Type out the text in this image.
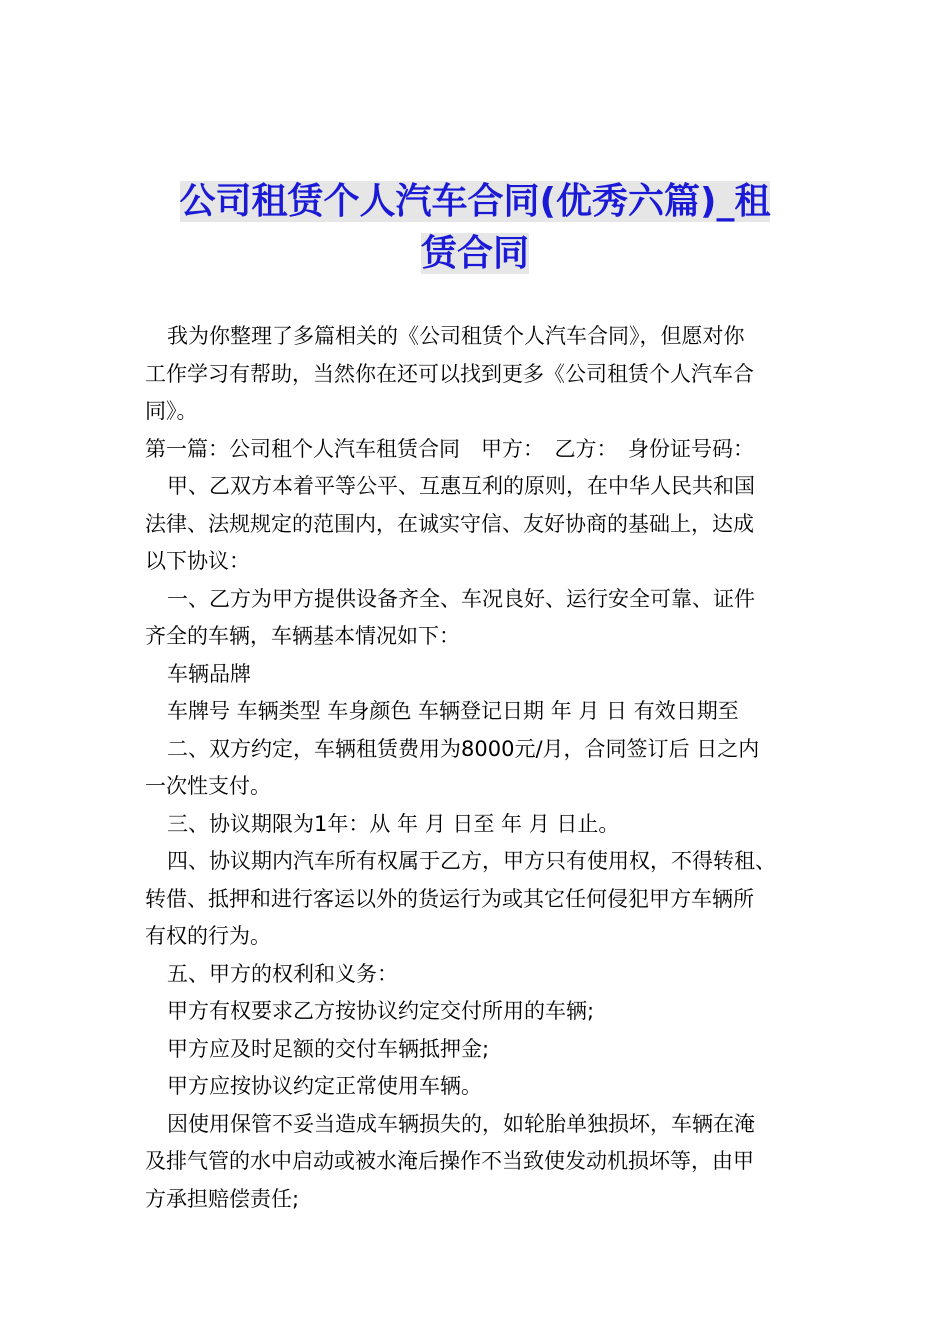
公司租赁个人汽车合同(优秀六篇)_租
赁合同
我为你整理了多篇相关的《公司租赁个人汽车合同》，但愿对你
工作学习有帮助，当然你在还可以找到更多《公司租赁个人汽车合
同》。
第一篇：公司租个人汽车租赁合同　甲方：　乙方：　身份证号码：
甲、乙双方本着平等公平、互惠互利的原则，在中华人民共和国
法律、法规规定的范围内，在诚实守信、友好协商的基础上，达成
以下协议：
一、乙方为甲方提供设备齐全、车况良好、运行安全可靠、证件
齐全的车辆，车辆基本情况如下：
车辆品牌
车牌号 车辆类型 车身颜色 车辆登记日期 年 月 日 有效日期至
二、双方约定，车辆租赁费用为8000元/月，合同签订后 日之内
一次性支付。
三、协议期限为1年：从 年 月 日至 年 月 日止。
四、协议期内汽车所有权属于乙方，甲方只有使用权，不得转租、
转借、抵押和进行客运以外的货运行为或其它任何侵犯甲方车辆所
有权的行为。
五、甲方的权利和义务：
甲方有权要求乙方按协议约定交付所用的车辆;
甲方应及时足额的交付车辆抵押金;
甲方应按协议约定正常使用车辆。
因使用保管不妥当造成车辆损失的，如轮胎单独损坏，车辆在淹
及排气管的水中启动或被水淹后操作不当致使发动机损坏等，由甲
方承担赔偿责任;
